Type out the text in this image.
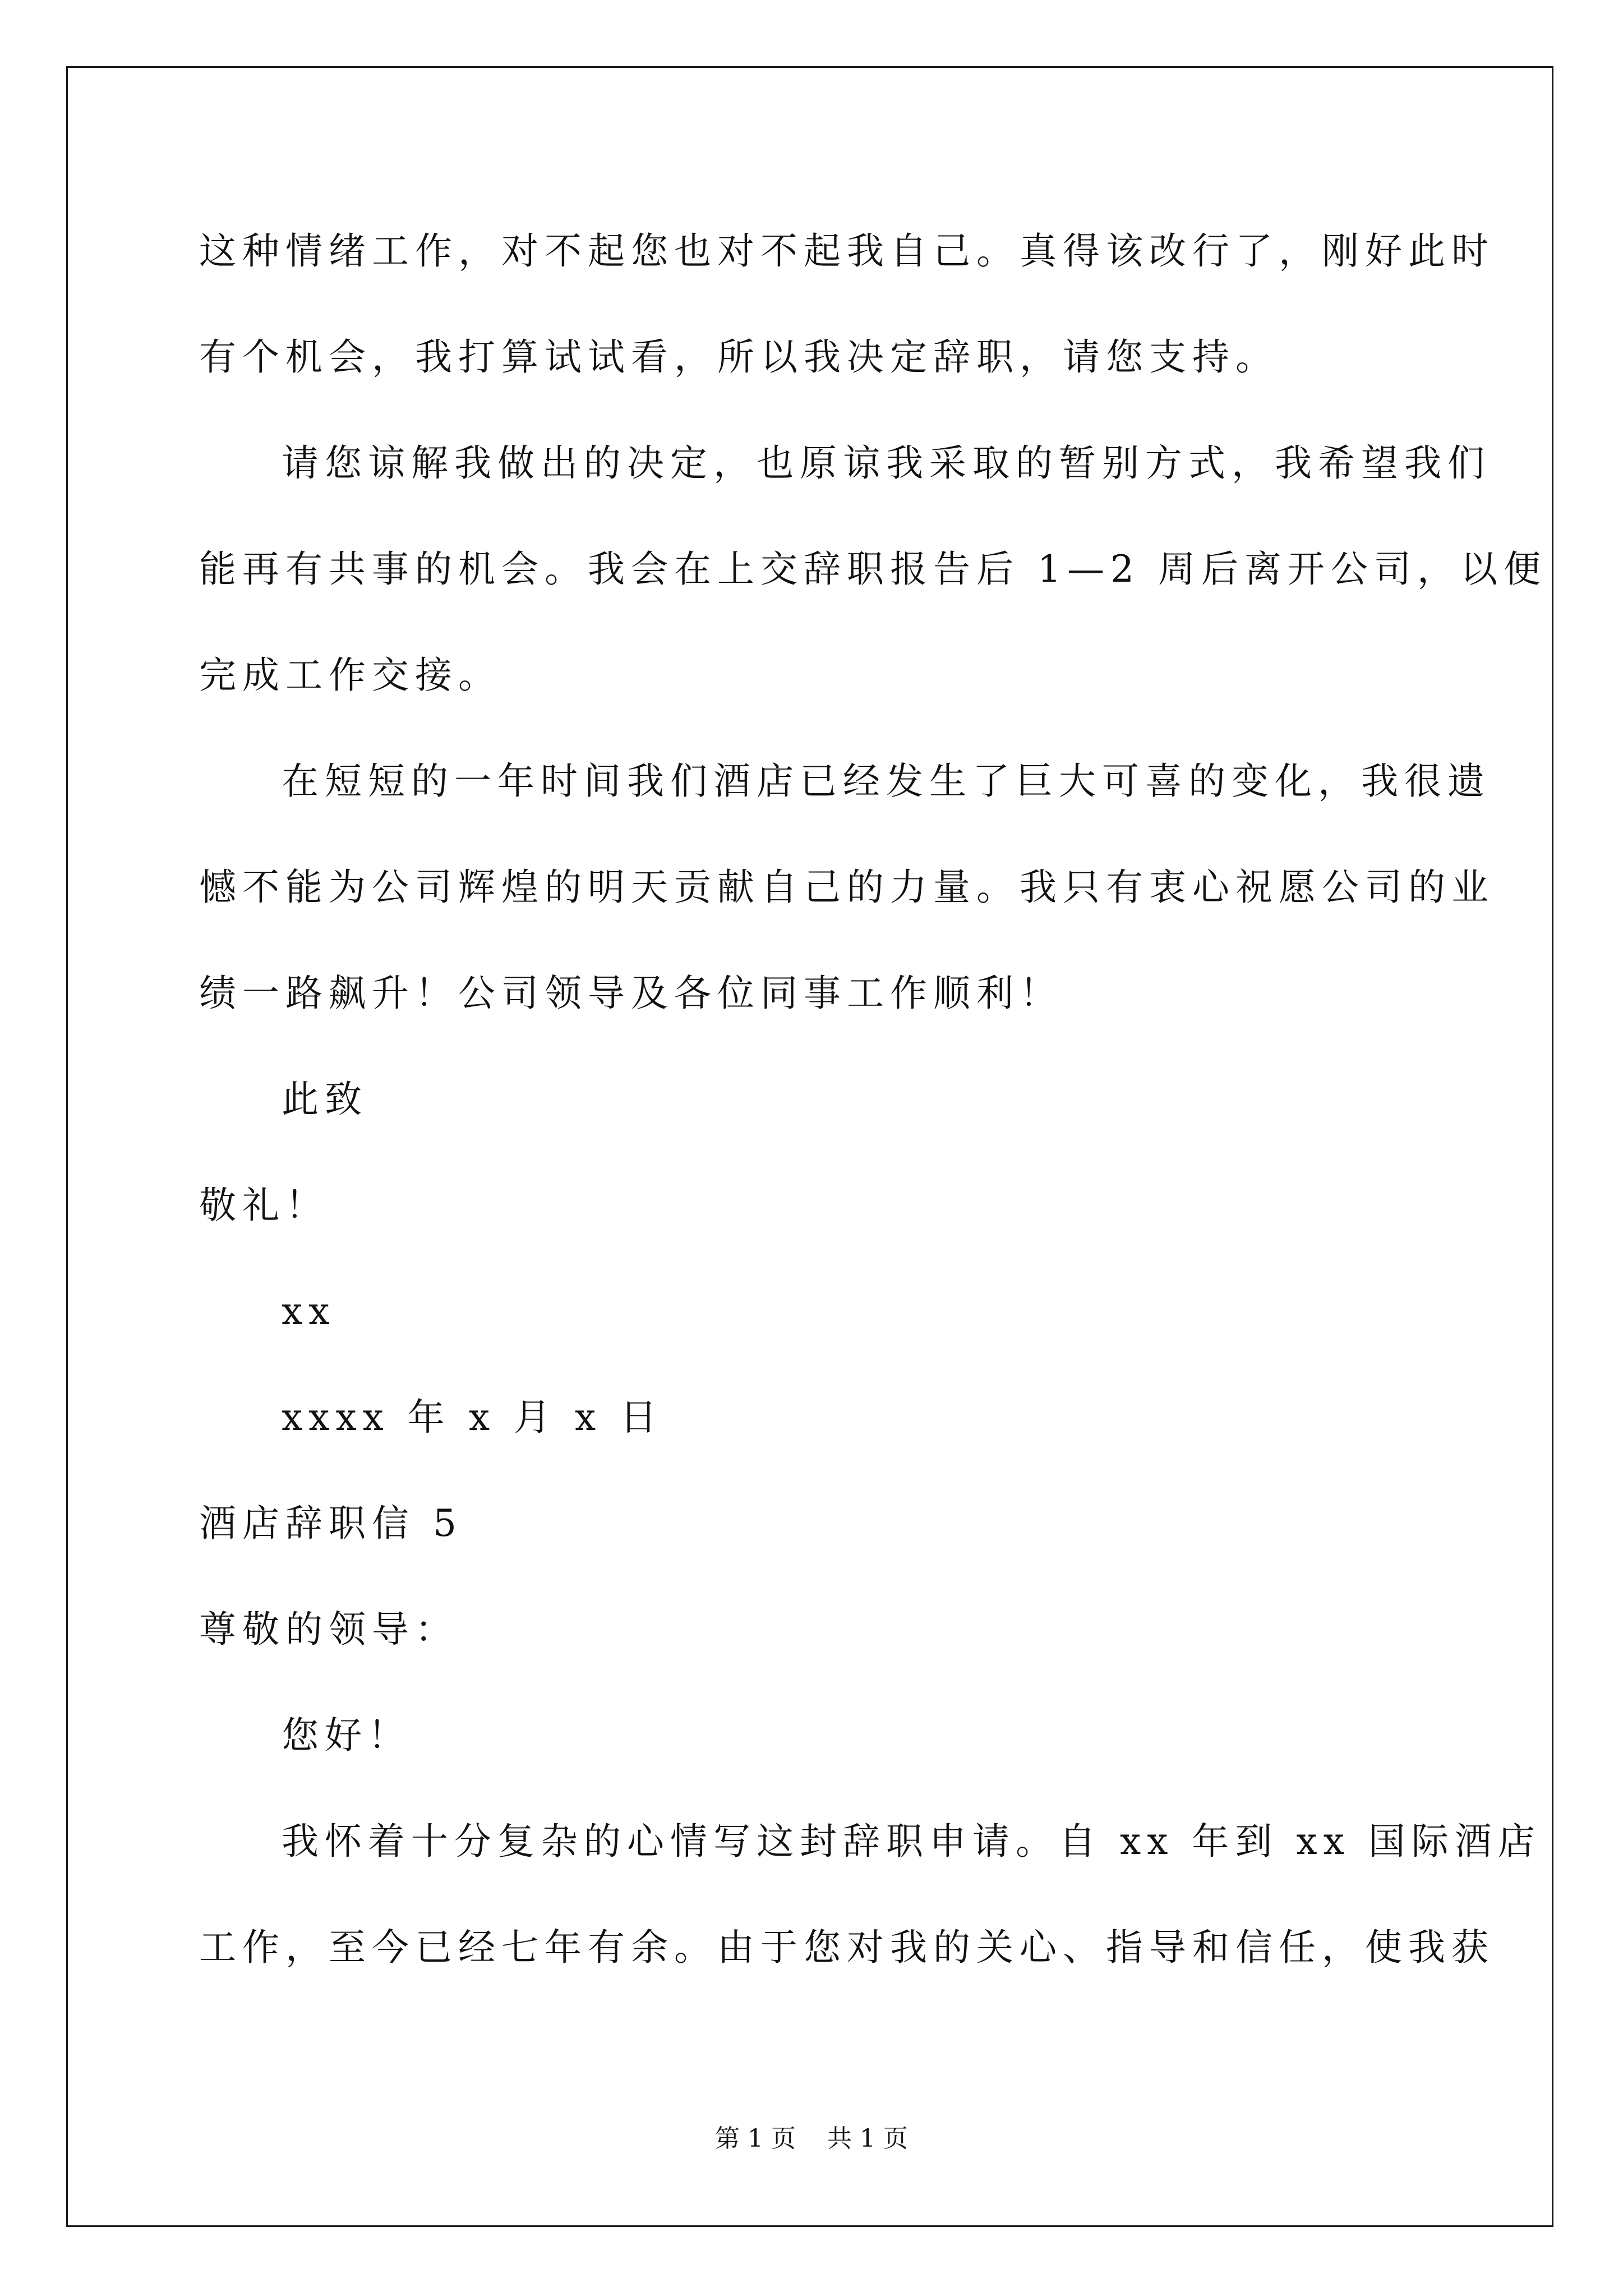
这种情绪工作，对不起您也对不起我自己。真得该改行了，刚好此时
有个机会，我打算试试看，所以我决定辞职，请您支持。
请您谅解我做出的决定，也原谅我采取的暂别方式，我希望我们
能再有共事的机会。我会在上交辞职报告后 1—2 周后离开公司，以便
完成工作交接。
在短短的一年时间我们酒店已经发生了巨大可喜的变化，我很遗
憾不能为公司辉煌的明天贡献自己的力量。我只有衷心祝愿公司的业
绩一路飙升！公司领导及各位同事工作顺利！
此致
敬礼！
xx
xxxx 年 x 月 x 日
酒店辞职信 5
尊敬的领导：
您好！
我怀着十分复杂的心情写这封辞职申请。自 xx 年到 xx 国际酒店
工作，至今已经七年有余。由于您对我的关心、指导和信任，使我获
第 1 页    共 1 页
